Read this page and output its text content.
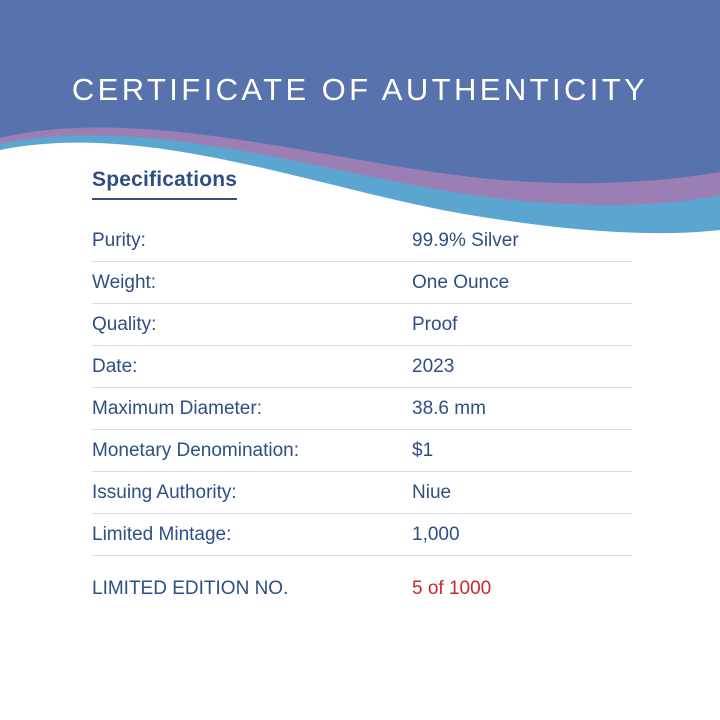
CERTIFICATE OF AUTHENTICITY
Specifications
Purity:	99.9% Silver
Weight:	One Ounce
Quality:	Proof
Date:	2023
Maximum Diameter:	38.6 mm
Monetary Denomination:	$1
Issuing Authority:	Niue
Limited Mintage:	1,000
LIMITED EDITION NO.	5 of 1000
